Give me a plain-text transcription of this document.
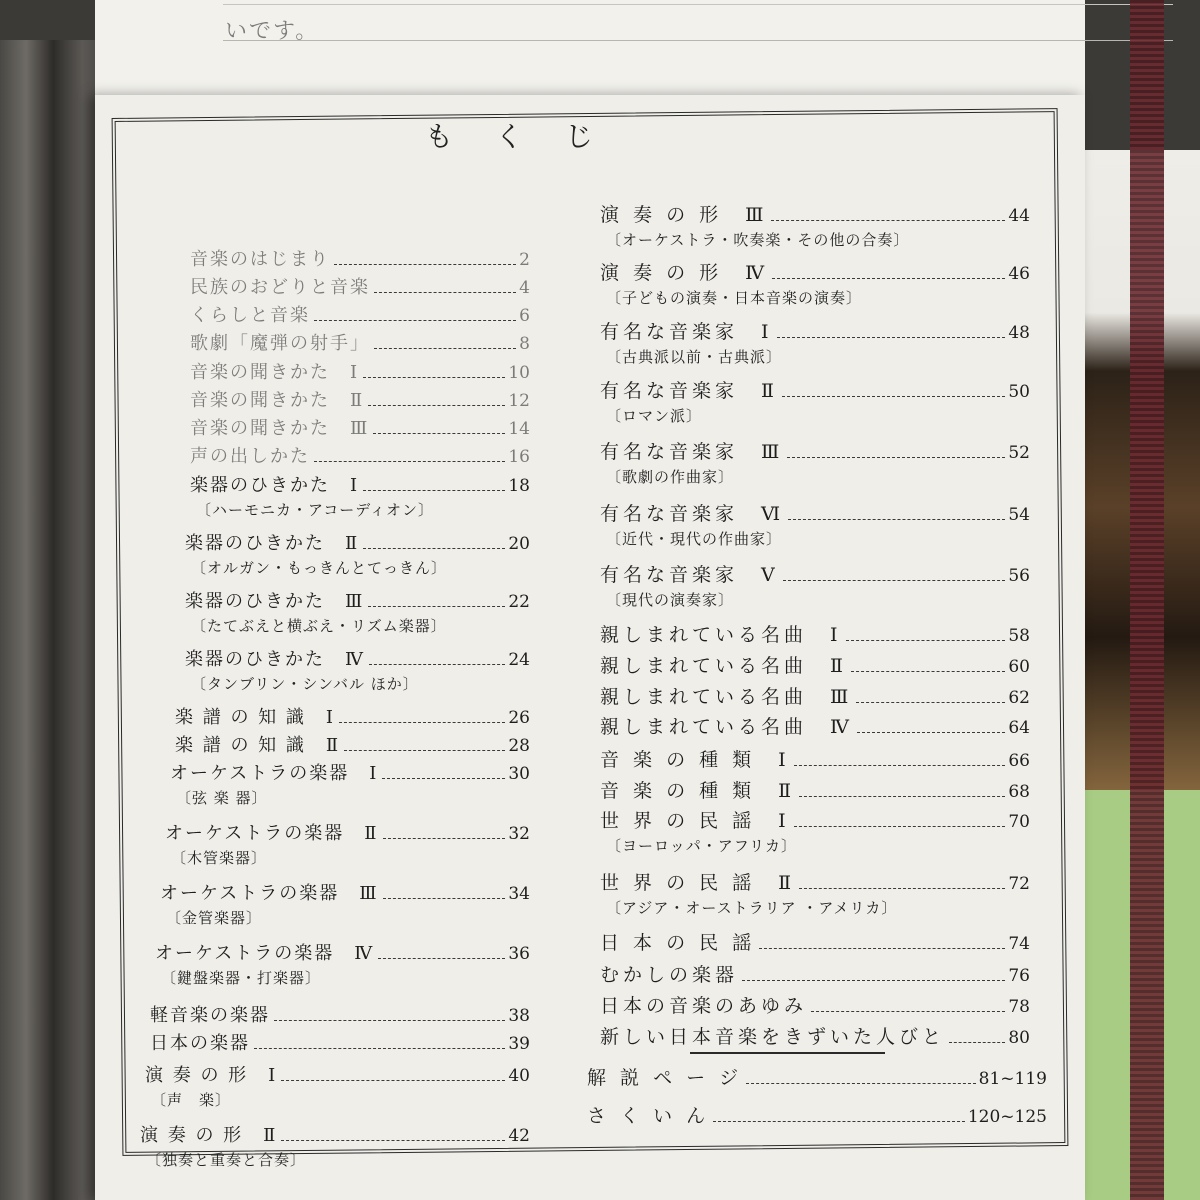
いです。
もくじ
音楽のはじまり	2
民族のおどりと音楽	4
くらしと音楽	6
歌劇「魔弾の射手」	8
音楽の聞きかた　Ⅰ	10
音楽の聞きかた　Ⅱ	12
音楽の聞きかた　Ⅲ	14
声の出しかた	16
楽器のひきかた　Ⅰ	18
〔ハーモニカ・アコーディオン〕
楽器のひきかた　Ⅱ	20
〔オルガン・もっきんとてっきん〕
楽器のひきかた　Ⅲ	22
〔たてぶえと横ぶえ・リズム楽器〕
楽器のひきかた　Ⅳ	24
〔タンブリン・シンバル ほか〕
楽 譜 の 知 識　Ⅰ	26
楽 譜 の 知 識　Ⅱ	28
オーケストラの楽器　Ⅰ	30
〔弦 楽 器〕
オーケストラの楽器　Ⅱ	32
〔木管楽器〕
オーケストラの楽器　Ⅲ	34
〔金管楽器〕
オーケストラの楽器　Ⅳ	36
〔鍵盤楽器・打楽器〕
軽音楽の楽器	38
日本の楽器	39
演 奏 の 形　Ⅰ	40
〔声　楽〕
演 奏 の 形　Ⅱ	42
〔独奏と重奏と合奏〕
演 奏 の 形　Ⅲ	44
〔オーケストラ・吹奏楽・その他の合奏〕
演 奏 の 形　Ⅳ	46
〔子どもの演奏・日本音楽の演奏〕
有名な音楽家　Ⅰ	48
〔古典派以前・古典派〕
有名な音楽家　Ⅱ	50
〔ロマン派〕
有名な音楽家　Ⅲ	52
〔歌劇の作曲家〕
有名な音楽家　Ⅵ	54
〔近代・現代の作曲家〕
有名な音楽家　Ⅴ	56
〔現代の演奏家〕
親しまれている名曲　Ⅰ	58
親しまれている名曲　Ⅱ	60
親しまれている名曲　Ⅲ	62
親しまれている名曲　Ⅳ	64
音 楽 の 種 類　Ⅰ	66
音 楽 の 種 類　Ⅱ	68
世 界 の 民 謡　Ⅰ	70
〔ヨーロッパ・アフリカ〕
世 界 の 民 謡　Ⅱ	72
〔アジア・オーストラリア ・アメリカ〕
日 本 の 民 謡	74
むかしの楽器	76
日本の音楽のあゆみ	78
新しい日本音楽をきずいた人びと	80
解 説 ペ ー ジ	81~119
さ く い ん	120~125
